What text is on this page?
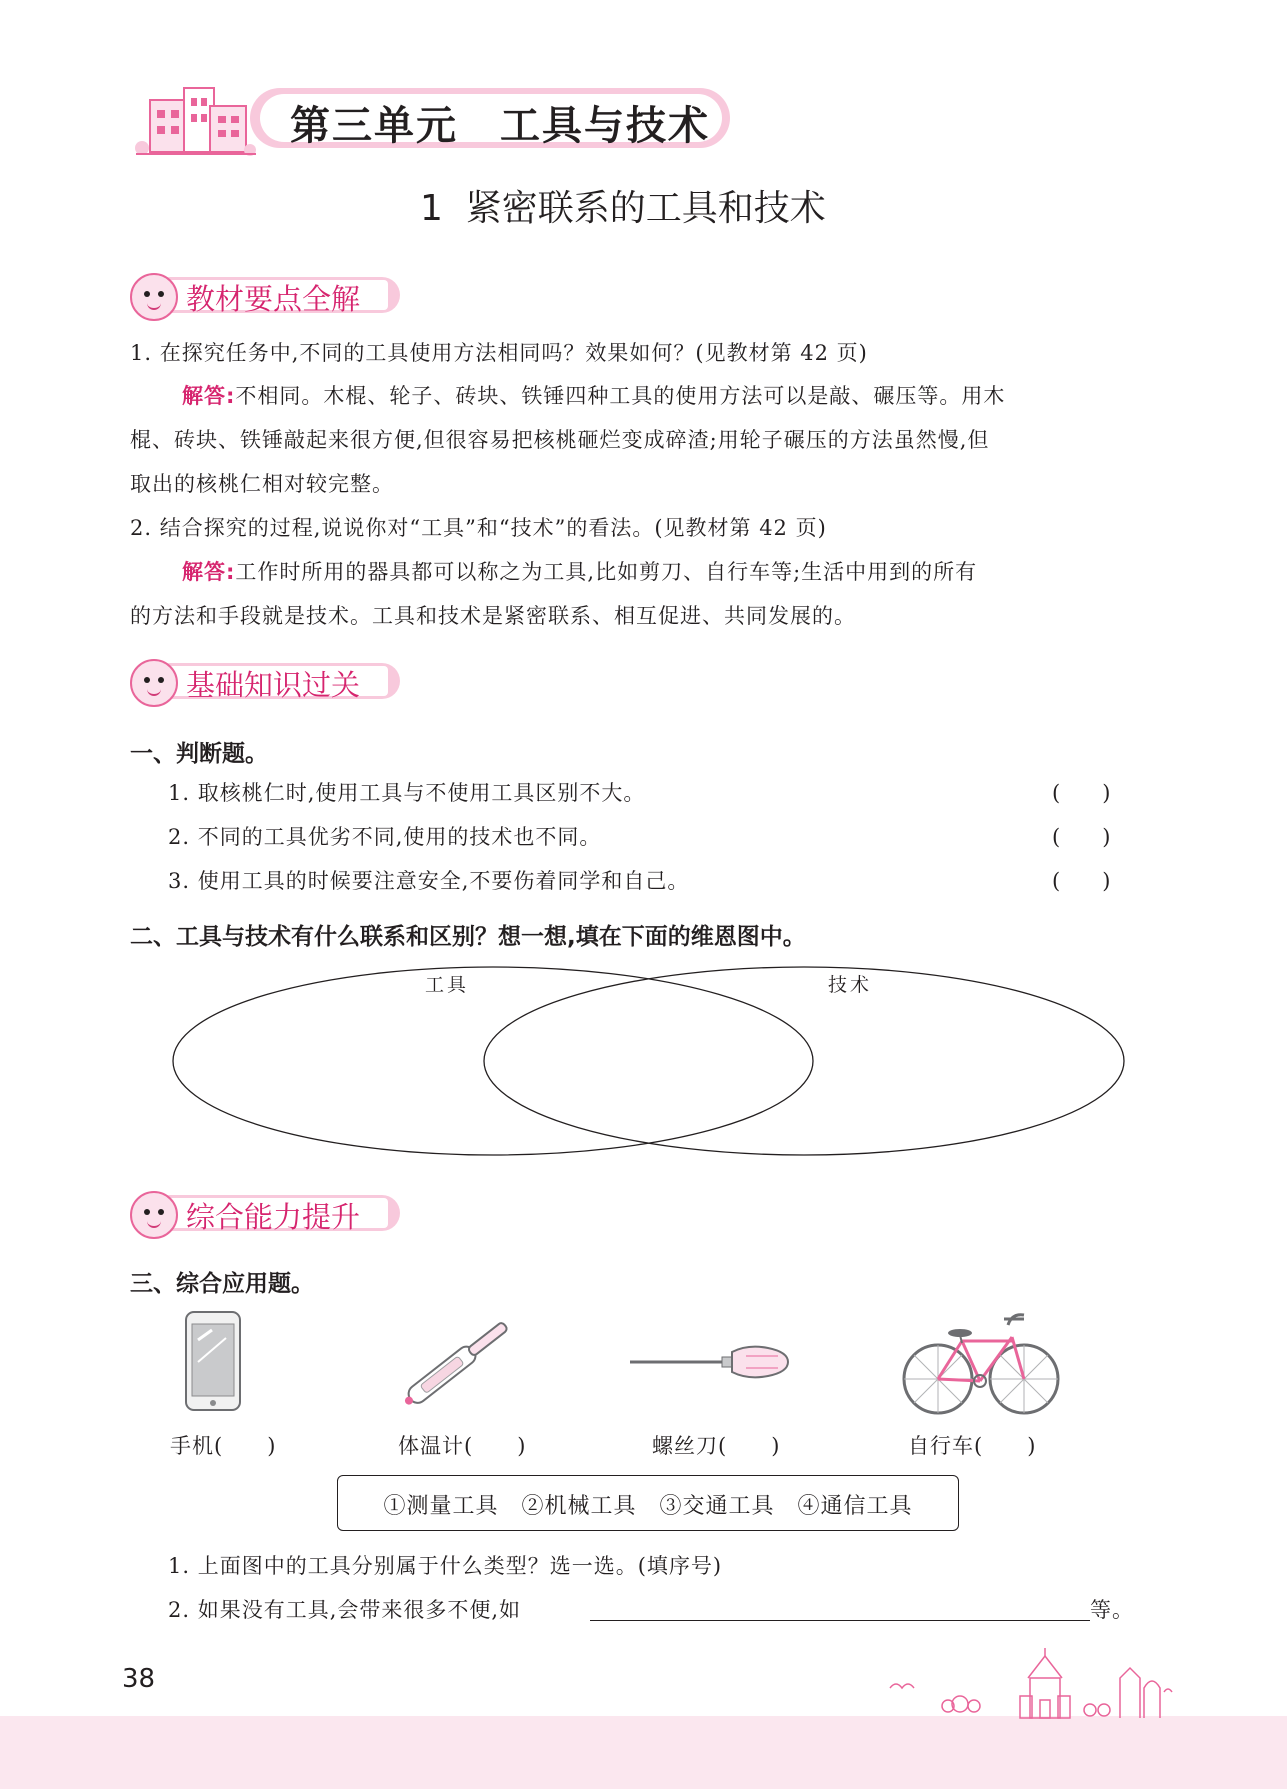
第三单元　工具与技术
1  紧密联系的工具和技术
教材要点全解
1. 在探究任务中,不同的工具使用方法相同吗？效果如何？(见教材第 42 页)
解答:不相同。木棍、轮子、砖块、铁锤四种工具的使用方法可以是敲、碾压等。用木
棍、砖块、铁锤敲起来很方便,但很容易把核桃砸烂变成碎渣;用轮子碾压的方法虽然慢,但
取出的核桃仁相对较完整。
2. 结合探究的过程,说说你对“工具”和“技术”的看法。(见教材第 42 页)
解答:工作时所用的器具都可以称之为工具,比如剪刀、自行车等;生活中用到的所有
的方法和手段就是技术。工具和技术是紧密联系、相互促进、共同发展的。
基础知识过关
一、判断题。
1. 取核桃仁时,使用工具与不使用工具区别不大。	(　　)
2. 不同的工具优劣不同,使用的技术也不同。	(　　)
3. 使用工具的时候要注意安全,不要伤着同学和自己。	(　　)
二、工具与技术有什么联系和区别？想一想,填在下面的维恩图中。
工具	技术
综合能力提升
三、综合应用题。
手机(　　)	体温计(　　)	螺丝刀(　　)	自行车(　　)
①测量工具　②机械工具　③交通工具　④通信工具
1. 上面图中的工具分别属于什么类型？选一选。(填序号)
2. 如果没有工具,会带来很多不便,如	等。
38
